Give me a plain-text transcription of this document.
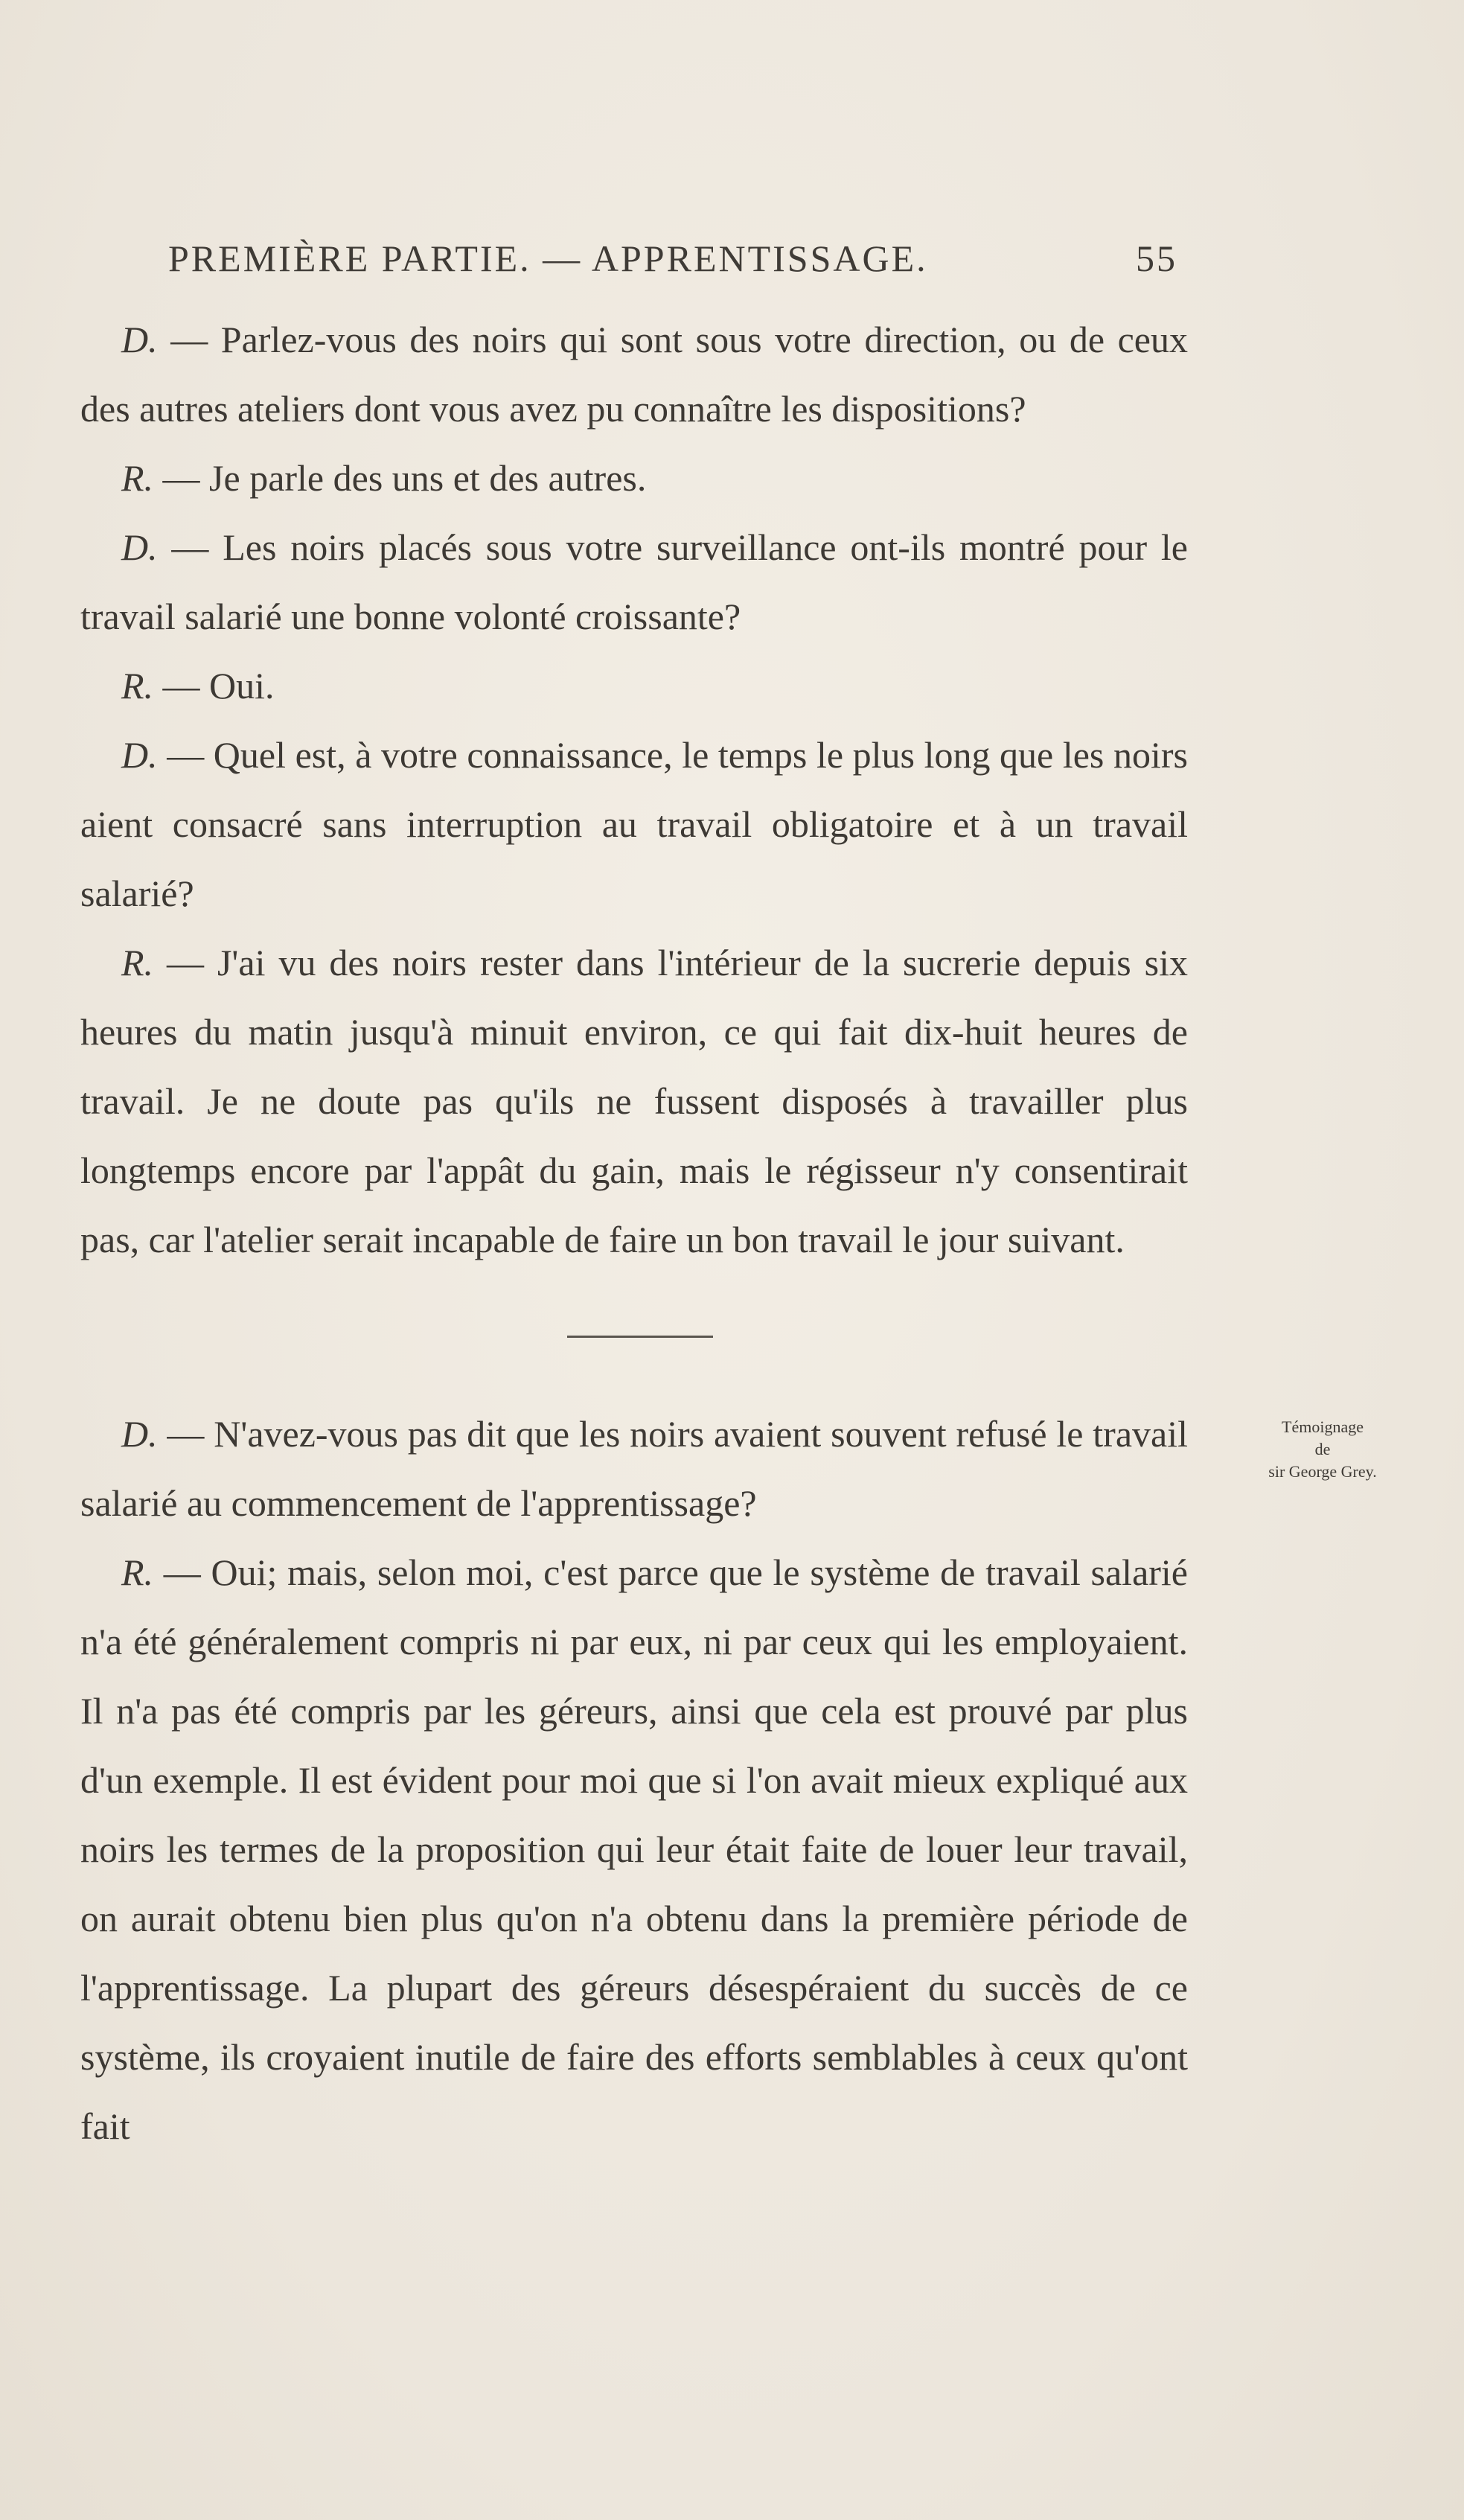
PREMIÈRE PARTIE. — APPRENTISSAGE.	55

D. — Parlez-vous des noirs qui sont sous votre direction, ou de ceux des autres ateliers dont vous avez pu connaître les dispositions?

R. — Je parle des uns et des autres.

D. — Les noirs placés sous votre surveillance ont-ils montré pour le travail salarié une bonne volonté croissante?

R. — Oui.

D. — Quel est, à votre connaissance, le temps le plus long que les noirs aient consacré sans interruption au travail obligatoire et à un travail salarié?

R. — J'ai vu des noirs rester dans l'intérieur de la sucrerie depuis six heures du matin jusqu'à minuit environ, ce qui fait dix-huit heures de travail. Je ne doute pas qu'ils ne fussent disposés à travailler plus longtemps encore par l'appât du gain, mais le régisseur n'y consentirait pas, car l'atelier serait incapable de faire un bon travail le jour suivant.

D. — N'avez-vous pas dit que les noirs avaient souvent refusé le travail salarié au commencement de l'apprentissage?

R. — Oui; mais, selon moi, c'est parce que le système de travail salarié n'a été généralement compris ni par eux, ni par ceux qui les employaient. Il n'a pas été compris par les géreurs, ainsi que cela est prouvé par plus d'un exemple. Il est évident pour moi que si l'on avait mieux expliqué aux noirs les termes de la proposition qui leur était faite de louer leur travail, on aurait obtenu bien plus qu'on n'a obtenu dans la première période de l'apprentissage. La plupart des géreurs désespéraient du succès de ce système, ils croyaient inutile de faire des efforts semblables à ceux qu'ont fait

Témoignage
de
sir George Grey.
